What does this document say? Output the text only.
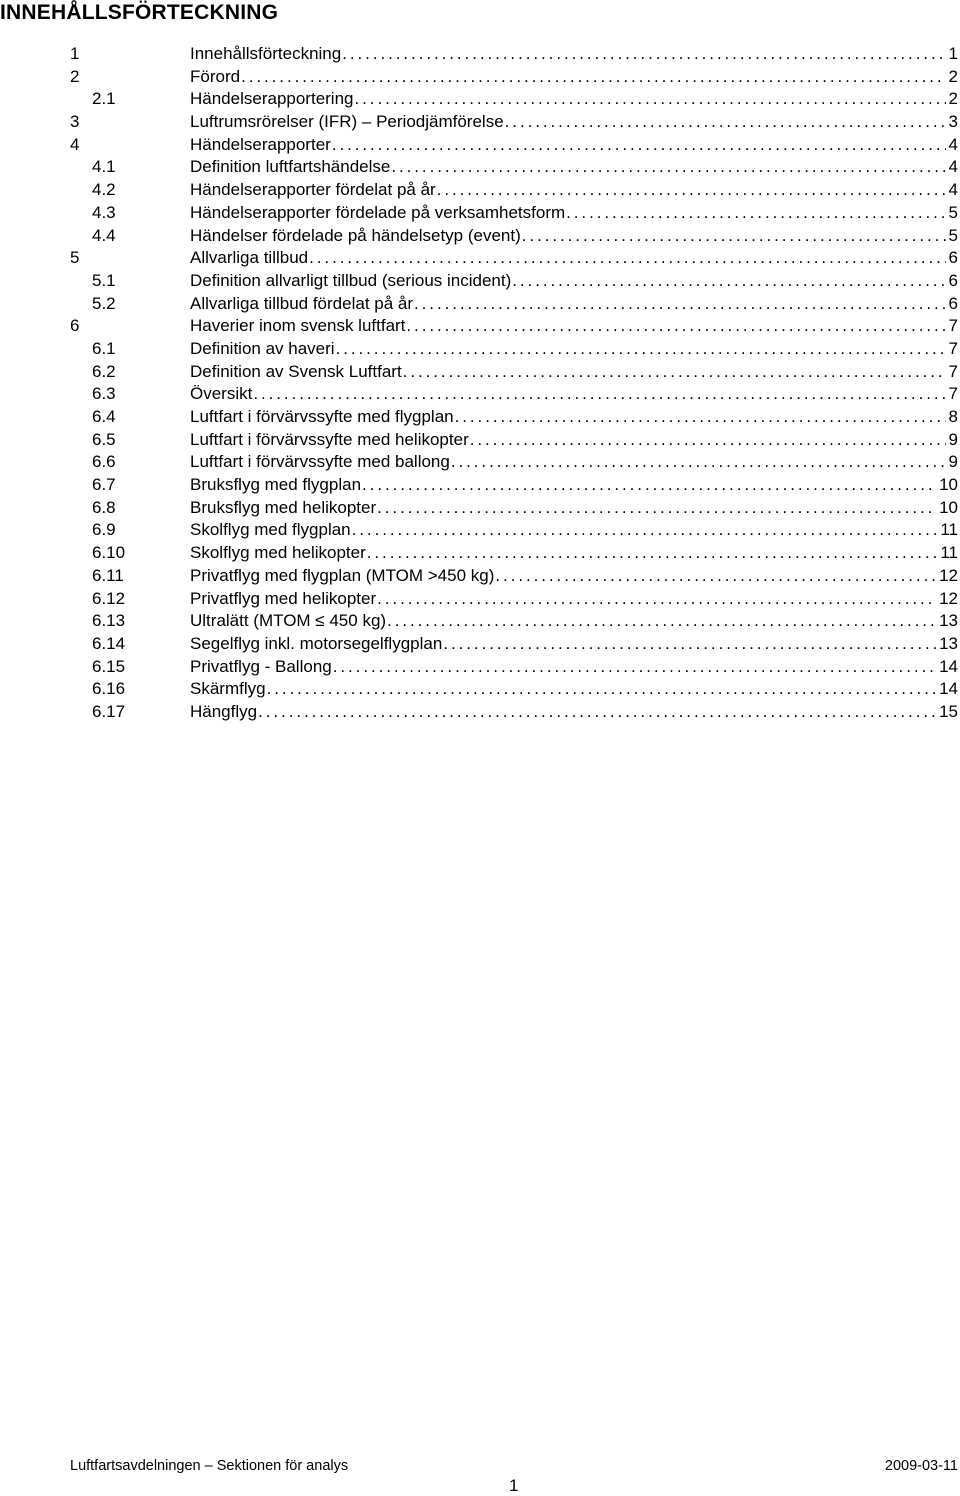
INNEHÅLLSFÖRTECKNING
1	Innehållsförteckning . . .	1
2	Förord . . .	2
2.1	Händelserapportering . . .	2
3	Luftrumsrörelser (IFR) – Periodjämförelse . . .	3
4	Händelserapporter . . .	4
4.1	Definition luftfartshändelse . . .	4
4.2	Händelserapporter fördelat på år . . .	4
4.3	Händelserapporter fördelade på verksamhetsform . . .	5
4.4	Händelser fördelade på händelsetyp (event) . . .	5
5	Allvarliga tillbud . . .	6
5.1	Definition allvarligt tillbud (serious incident) . . .	6
5.2	Allvarliga tillbud fördelat på år . . .	6
6	Haverier inom svensk luftfart . . .	7
6.1	Definition av haveri . . .	7
6.2	Definition av Svensk Luftfart . . .	7
6.3	Översikt . . .	7
6.4	Luftfart i förvärvssyfte med flygplan . . .	8
6.5	Luftfart i förvärvssyfte med helikopter . . .	9
6.6	Luftfart i förvärvssyfte med ballong . . .	9
6.7	Bruksflyg med flygplan . . .	10
6.8	Bruksflyg med helikopter . . .	10
6.9	Skolflyg med flygplan . . .	11
6.10	Skolflyg med helikopter . . .	11
6.11	Privatflyg med flygplan (MTOM >450 kg) . . .	12
6.12	Privatflyg med helikopter . . .	12
6.13	Ultralätt (MTOM ≤ 450 kg) . . .	13
6.14	Segelflyg inkl. motorsegelflygplan . . .	13
6.15	Privatflyg - Ballong . . .	14
6.16	Skärmflyg . . .	14
6.17	Hängflyg . . .	15
Luftfartsavdelningen – Sektionen för analys	2009-03-11
1
